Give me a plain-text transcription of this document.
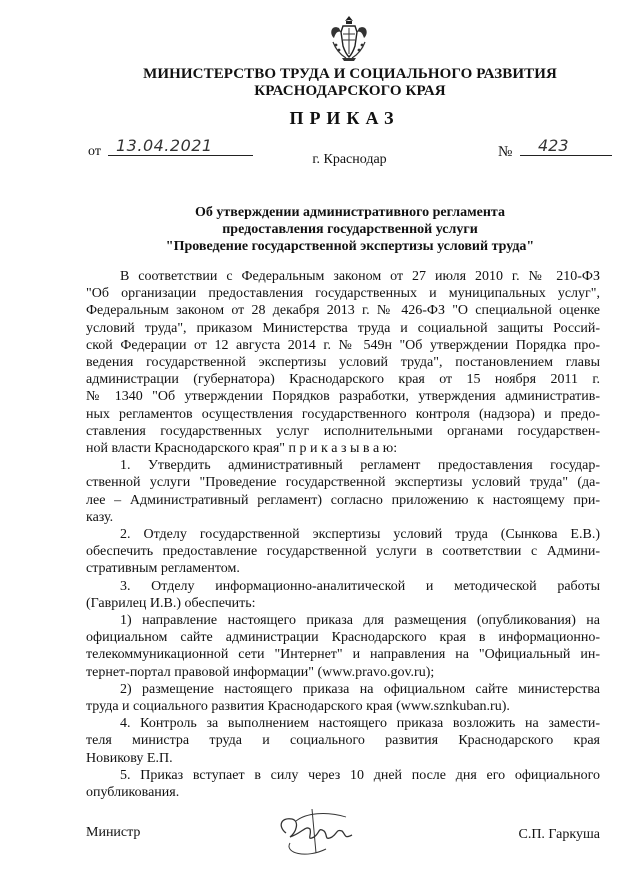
МИНИСТЕРСТВО ТРУДА И СОЦИАЛЬНОГО РАЗВИТИЯ
КРАСНОДАРСКОГО КРАЯ
ПРИКАЗ
от 13.04.2021	№	423
г. Краснодар
Об утверждении административного регламента
предоставления государственной услуги
"Проведение государственной экспертизы условий труда"
В соответствии с Федеральным законом от 27 июля 2010 г. № 210-ФЗ
"Об организации предоставления государственных и муниципальных услуг",
Федеральным законом от 28 декабря 2013 г. № 426-ФЗ "О специальной оценке
условий труда", приказом Министерства труда и социальной защиты Россий-
ской Федерации от 12 августа 2014 г. № 549н "Об утверждении Порядка про-
ведения государственной экспертизы условий труда", постановлением главы
администрации (губернатора) Краснодарского края от 15 ноября 2011 г.
№ 1340 "Об утверждении Порядков разработки, утверждения административ-
ных регламентов осуществления государственного контроля (надзора) и предо-
ставления государственных услуг исполнительными органами государствен-
ной власти Краснодарского края" п р и к а з ы в а ю:
1. Утвердить административный регламент предоставления государ-
ственной услуги "Проведение государственной экспертизы условий труда" (да-
лее – Административный регламент) согласно приложению к настоящему при-
казу.
2. Отделу государственной экспертизы условий труда (Сынкова Е.В.)
обеспечить предоставление государственной услуги в соответствии с Админи-
стративным регламентом.
3. Отделу информационно-аналитической и методической работы
(Гаврилец И.В.) обеспечить:
1) направление настоящего приказа для размещения (опубликования) на
официальном сайте администрации Краснодарского края в информационно-
телекоммуникационной сети "Интернет" и направления на "Официальный ин-
тернет-портал правовой информации" (www.pravo.gov.ru);
2) размещение настоящего приказа на официальном сайте министерства
труда и социального развития Краснодарского края (www.sznkuban.ru).
4. Контроль за выполнением настоящего приказа возложить на замести-
теля министра труда и социального развития Краснодарского края
Новикову Е.П.
5. Приказ вступает в силу через 10 дней после дня его официального
опубликования.
Министр	С.П. Гаркуша
